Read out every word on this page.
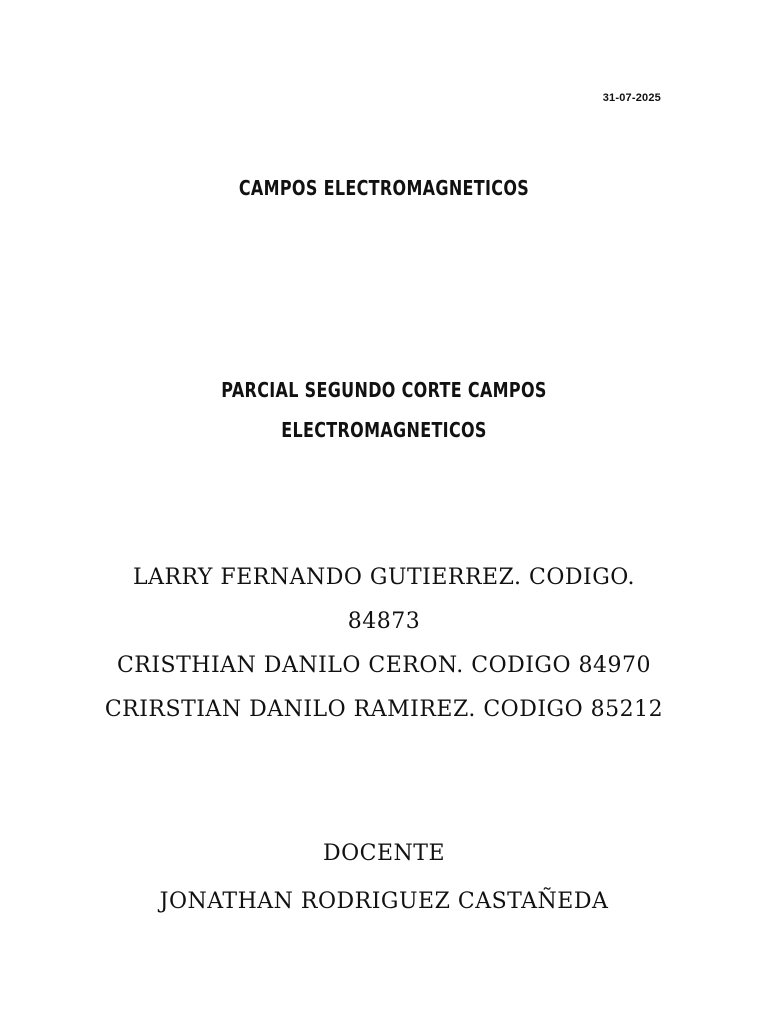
31-07-2025
CAMPOS ELECTROMAGNETICOS
PARCIAL SEGUNDO CORTE CAMPOS
ELECTROMAGNETICOS
LARRY FERNANDO GUTIERREZ. CODIGO.
84873
CRISTHIAN DANILO CERON. CODIGO 84970
CRIRSTIAN DANILO RAMIREZ. CODIGO 85212
DOCENTE
JONATHAN RODRIGUEZ CASTAÑEDA
